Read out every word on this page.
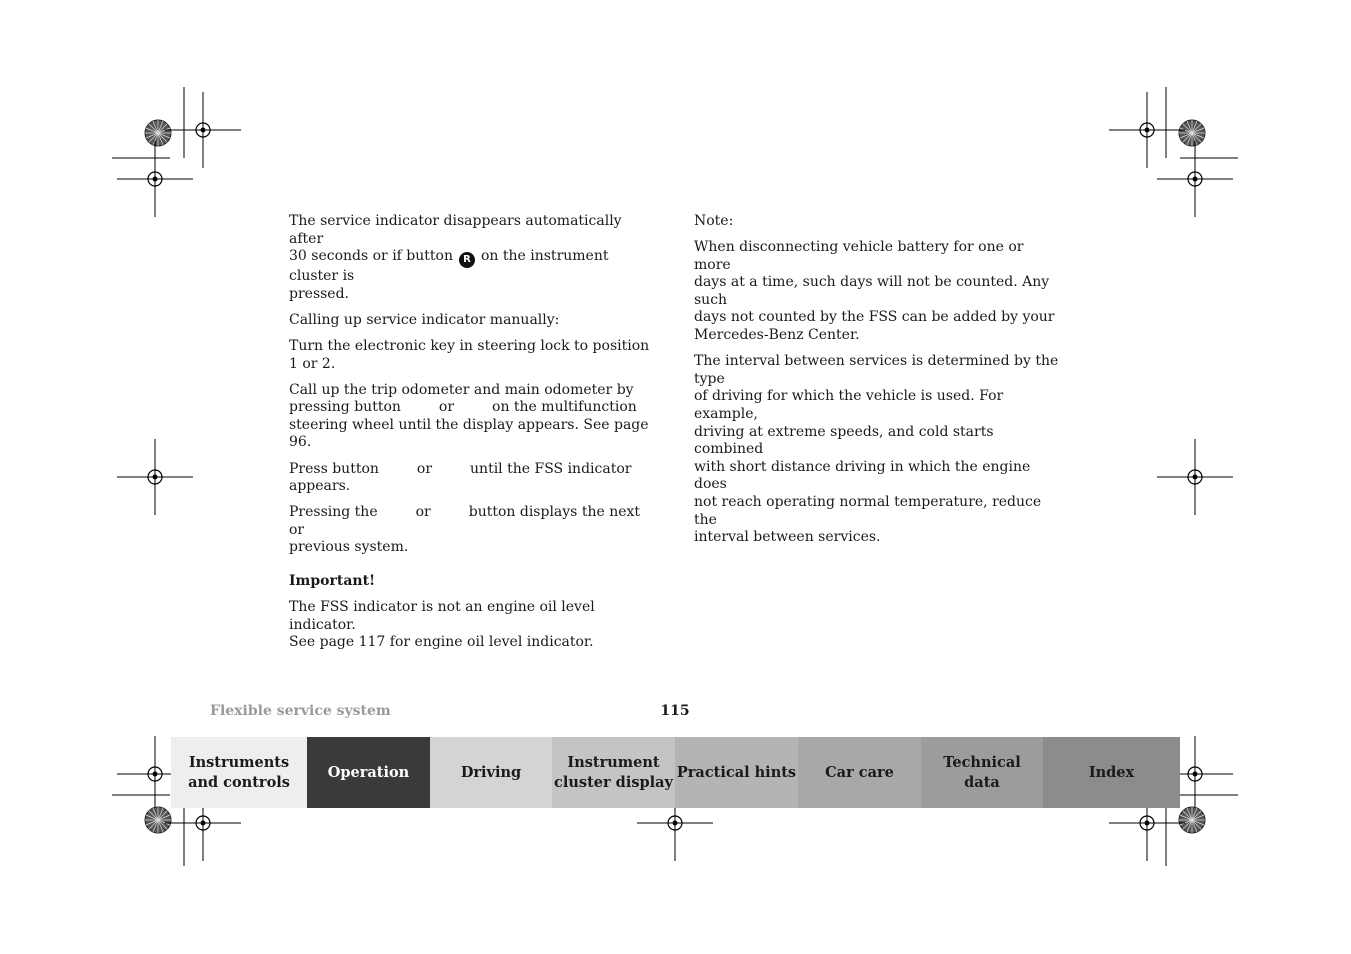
The service indicator disappears automatically after
30 seconds or if button R on the instrument cluster is
pressed.

Calling up service indicator manually:

Turn the electronic key in steering lock to position
1 or 2.

Call up the trip odometer and main odometer by
pressing button	or	on the multifunction
steering wheel until the display appears. See page 96.

Press button	or	until the FSS indicator
appears.

Pressing the	or	button displays the next or
previous system.

Important!

The FSS indicator is not an engine oil level indicator.
See page 117 for engine oil level indicator.

Note:

When disconnecting vehicle battery for one or more
days at a time, such days will not be counted. Any such
days not counted by the FSS can be added by your
Mercedes-Benz Center.

The interval between services is determined by the type
of driving for which the vehicle is used. For example,
driving at extreme speeds, and cold starts combined
with short distance driving in which the engine does
not reach operating normal temperature, reduce the
interval between services.

Flexible service system	115
Instruments
and controls
Operation	Driving
Instrument
cluster display
Practical hints	Car care
Technical
data
Index
